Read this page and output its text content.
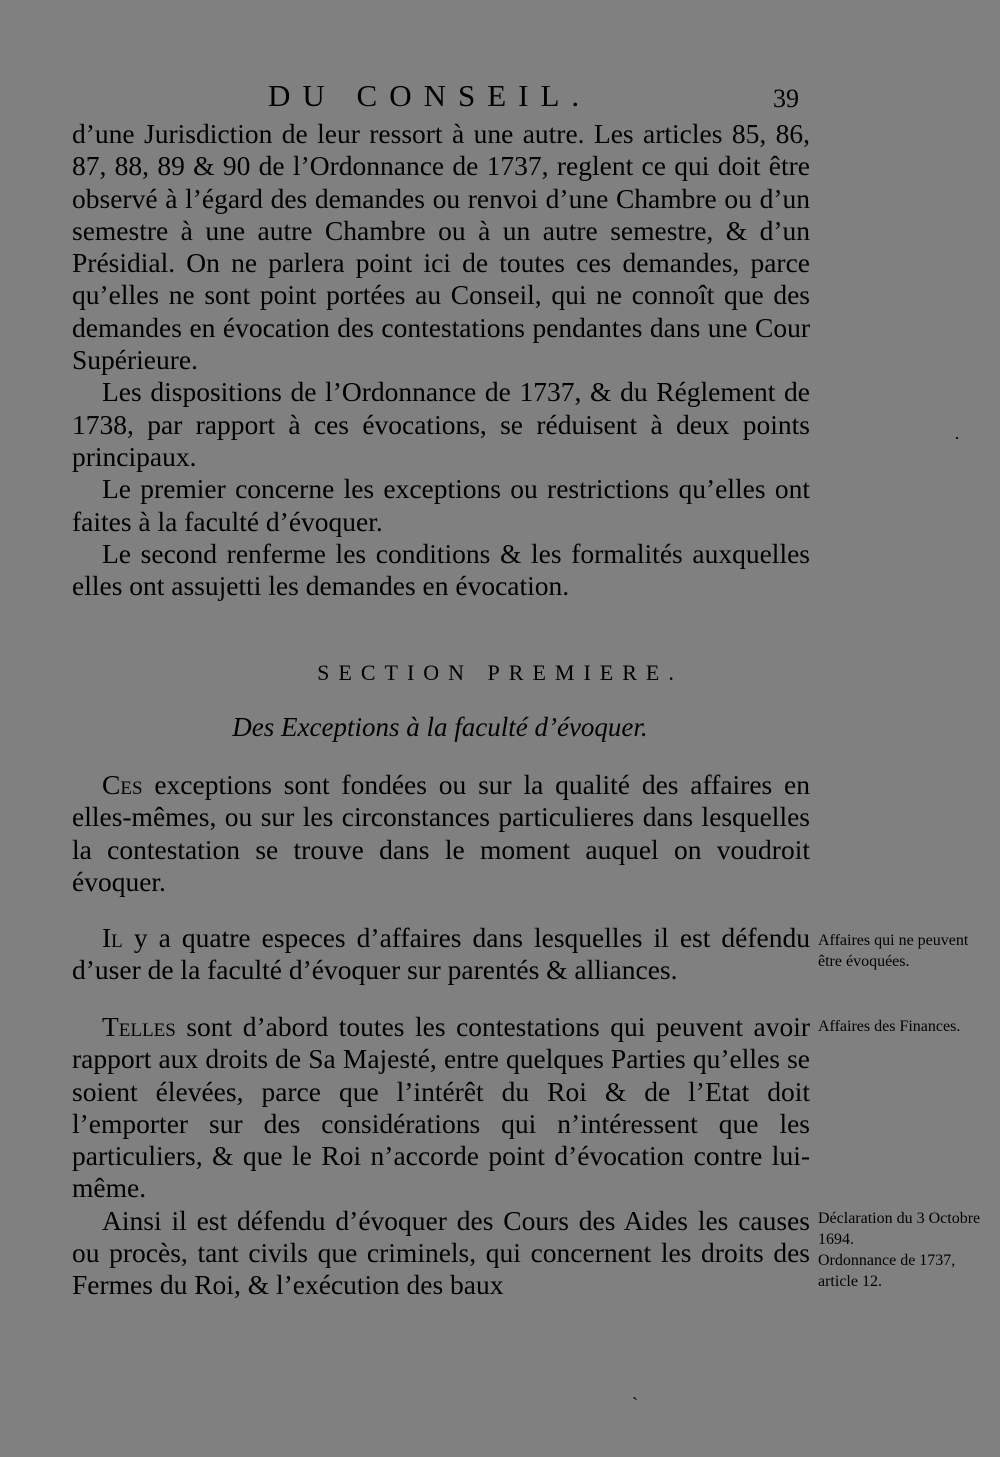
DU CONSEIL.	39

d’une Jurisdiction de leur ressort à une autre. Les articles 85, 86, 87, 88, 89 & 90 de l’Ordonnance de 1737, reglent ce qui doit être observé à l’égard des demandes ou renvoi d’une Chambre ou d’un semestre à une autre Chambre ou à un autre semestre, & d’un Présidial. On ne parlera point ici de toutes ces demandes, parce qu’elles ne sont point portées au Conseil, qui ne connoît que des demandes en évocation des contestations pendantes dans une Cour Supérieure.

Les dispositions de l’Ordonnance de 1737, & du Réglement de 1738, par rapport à ces évocations, se réduisent à deux points principaux.

Le premier concerne les exceptions ou restrictions qu’elles ont faites à la faculté d’évoquer.

Le second renferme les conditions & les formalités auxquelles elles ont assujetti les demandes en évocation.

SECTION PREMIERE.
Des Exceptions à la faculté d’évoquer.

Ces exceptions sont fondées ou sur la qualité des affaires en elles-mêmes, ou sur les circonstances particulieres dans lesquelles la contestation se trouve dans le moment auquel on voudroit évoquer.

Il y a quatre especes d’affaires dans lesquelles il est défendu d’user de la faculté d’évoquer sur parentés & alliances.

Telles sont d’abord toutes les contestations qui peuvent avoir rapport aux droits de Sa Majesté, entre quelques Parties qu’elles se soient élevées, parce que l’intérêt du Roi & de l’Etat doit l’emporter sur des considérations qui n’intéressent que les particuliers, & que le Roi n’accorde point d’évocation contre lui-même.

Ainsi il est défendu d’évoquer des Cours des Aides les causes ou procès, tant civils que criminels, qui concernent les droits des Fermes du Roi, & l’exécution des baux

Affaires qui ne peuvent être évoquées.
Affaires des Finances.

Déclaration du 3 Octobre 1694.

Ordonnance de 1737, article 12.

·
ˎ
